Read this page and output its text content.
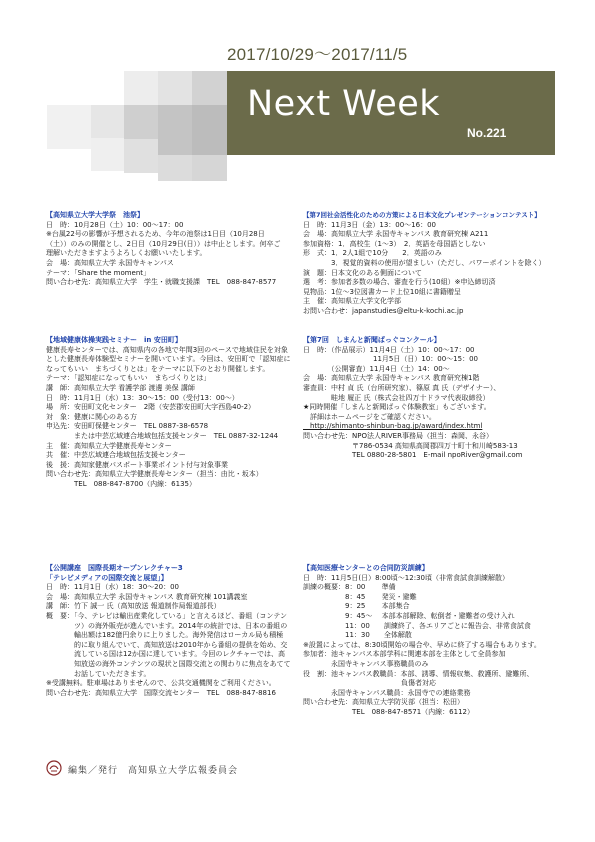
2017/10/29～2017/11/5
Next Week
No.221
【高知県立大学大学祭　池祭】
日　時：10月28日（土）10：00～17：00
※台風22号の影響が予想されるため、今年の池祭は1日目（10月28日
（土））のみの開催とし、2日目（10月29日(日））は中止とします。何卒ご
理解いただきますようよろしくお願いいたします。
会　場：高知県立大学 永国寺キャンパス
テーマ：「Share the moment」
問い合わせ先：高知県立大学　学生・就職支援課　TEL　088-847-8577
【第7回社会活性化のための方策による日本文化プレゼンテーションコンテスト】
日　時：11月3日（金）13：00～16：00
会　場：高知県立大学 永国寺キャンパス 教育研究棟 A211
参加資格：1．高校生（1～3）　2．英語を母国語としない
形　式：1．2人1組で10分　　2．英語のみ
　　　　3．視覚的資料の使用が望ましい（ただし、パワーポイントを除く）
演　題：日本文化のある側面について
選　考：参加者多数の場合、審査を行う(10組）※申込締切済
見物品：1位～3位図書カード上位10組に書籍贈呈
主　催：高知県立大学文化学部
お問い合わせ：japanstudies@eltu-k-kochi.ac.jp
【地域健康体操実践セミナー　in 安田町】
健康長寿センターでは、高知県内の各地で年間3回のペースで地域住民を対象
とした健康長寿体験型セミナーを開いています。今回は、安田町で「認知症に
なってもいい　まちづくりとは」をテーマに以下のとおり開催します。
テーマ：「認知症になってもいい　まちづくりとは」
講　師：高知県立大学 看護学部 渡邊 美保 講師
日　時：11月1日（水）13：30～15：00（受付13：00～）
場　所：安田町文化センター　2階（安芸郡安田町大字西島40-2）
対　象：健康に関心のある方
申込先：安田町保健センター　TEL 0887-38-6578
　　　　または中芸広域連合地域包括支援センター　TEL 0887-32-1244
主　催：高知県立大学健康長寿センター
共　催：中芸広域連合地域包括支援センター
後　援：高知家健康パスポート事業ポイント付与対象事業
問い合わせ先：高知県立大学健康長寿センター（担当：由比・坂本）
　　　　TEL　088-847-8700（内線：6135）
【第7回　しまんと新聞ばっぐコンクール】
日　時：（作品展示）11月4日（土）10：00～17：00
　　　　　　　　　　11月5日（日）10：00～15：00
　　　　（公開審査）11月4日（土）14：00～
会　場：高知県立大学 永国寺キャンパス 教育研究棟1階
審査員：中村 貞 氏（台所研究家）、篠原 真 氏（デザイナー）、
　　　　畦地 履正 氏（株式会社四万十ドラマ代表取締役）
★同時開催「しまんと新聞ばっぐ体験教室」もございます。
　詳細はホームページをご確認ください。
　http://shimanto-shinbun-bag.jp/award/index.html
問い合わせ先：NPO法人RIVER事務局（担当：森岡、永谷）
　　　　　　　〒786-0534 高知県高岡郡四万十町十和川崎583-13
　　　　　　　TEL 0880-28-5801　E-mail npoRiver@gmail.com
【公開講座　国際長期オープンレクチャー3
「テレビメディアの国際交流と展望」】
日　時：11月1日（水）18：30～20：00
会　場：高知県立大学 永国寺キャンパス 教育研究棟 101講義室
講　師：竹下 誠一 氏（高知放送 報道制作局報道部長）
概　要：「今、テレビは輸出産業化している」と言えるほど、番組（コンテン
　　　　ツ）の海外販売が進んでいます。2014年の統計では、日本の番組の
　　　　輸出額は182億円余りに上りました。海外発信はローカル局も積極
　　　　的に取り組んでいて、高知放送は2010年から番組の提供を始め、交
　　　　流している国は12か国に達しています。今回のレクチャーでは、高
　　　　知放送の海外コンテンツの現状と国際交流との関わりに焦点をあてて
　　　　お話していただきます。
※受講無料。駐車場はありませんので、公共交通機関をご利用ください。
問い合わせ先：高知県立大学　国際交流センター　TEL　088-847-8816
【高知医療センターとの合同防災訓練】
日　時：11月5日(日）8:00頃～12:30頃（非常食試食訓練解散）
訓練の概要：8：00　　 準備
　　　　　　8：45　　 発災・避難
　　　　　　9：25　　 本部集合
　　　　　　9：45～　 本部本部解除、転倒者・避難者の受け入れ
　　　　　　11：00　　訓練終了、各エリアごとに報告会、非常食試食
　　　　　　11：30　　全体解散
※設置によっては、8:30頃開始の場合や、早めに終了する場合もあります。
参加者：池キャンパス本部学科に関連本部を主体として全員参加
　　　　永国寺キャンパス事務職員のみ
役　割：池キャンパス教職員：本部、誘導、情報収集、救護所、避難所、
　　　　　　　　　　　　　　負傷者対応
　　　　永国寺キャンパス職員：永国寺での連絡業務
問い合わせ先：高知県立大学防災部（担当：松田）
　　　　　　　TEL　088-847-8571（内線：6112）
編集／発行　高知県立大学広報委員会
